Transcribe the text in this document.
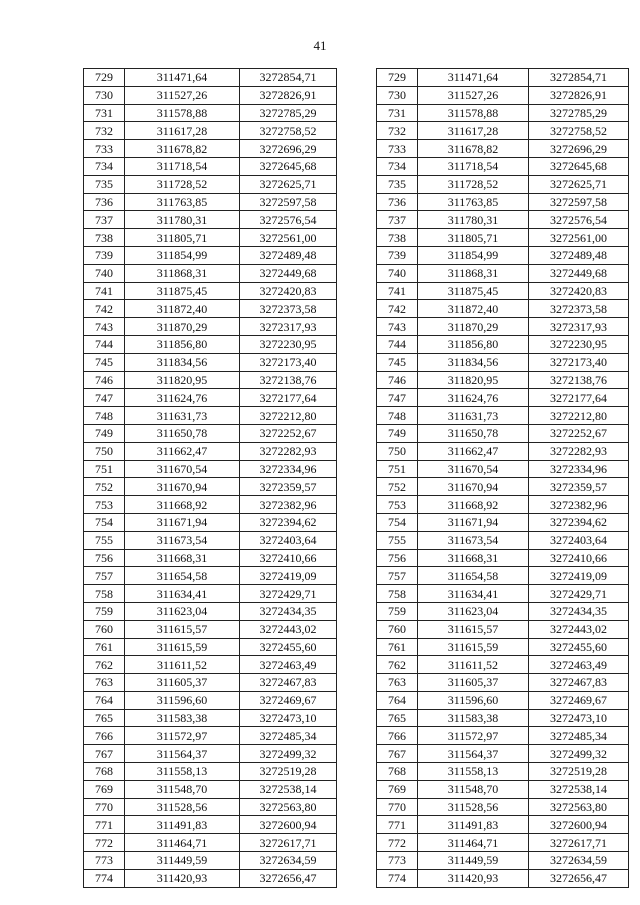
41
729	311471,64	3272854,71
730	311527,26	3272826,91
731	311578,88	3272785,29
732	311617,28	3272758,52
733	311678,82	3272696,29
734	311718,54	3272645,68
735	311728,52	3272625,71
736	311763,85	3272597,58
737	311780,31	3272576,54
738	311805,71	3272561,00
739	311854,99	3272489,48
740	311868,31	3272449,68
741	311875,45	3272420,83
742	311872,40	3272373,58
743	311870,29	3272317,93
744	311856,80	3272230,95
745	311834,56	3272173,40
746	311820,95	3272138,76
747	311624,76	3272177,64
748	311631,73	3272212,80
749	311650,78	3272252,67
750	311662,47	3272282,93
751	311670,54	3272334,96
752	311670,94	3272359,57
753	311668,92	3272382,96
754	311671,94	3272394,62
755	311673,54	3272403,64
756	311668,31	3272410,66
757	311654,58	3272419,09
758	311634,41	3272429,71
759	311623,04	3272434,35
760	311615,57	3272443,02
761	311615,59	3272455,60
762	311611,52	3272463,49
763	311605,37	3272467,83
764	311596,60	3272469,67
765	311583,38	3272473,10
766	311572,97	3272485,34
767	311564,37	3272499,32
768	311558,13	3272519,28
769	311548,70	3272538,14
770	311528,56	3272563,80
771	311491,83	3272600,94
772	311464,71	3272617,71
773	311449,59	3272634,59
774	311420,93	3272656,47
729	311471,64	3272854,71
730	311527,26	3272826,91
731	311578,88	3272785,29
732	311617,28	3272758,52
733	311678,82	3272696,29
734	311718,54	3272645,68
735	311728,52	3272625,71
736	311763,85	3272597,58
737	311780,31	3272576,54
738	311805,71	3272561,00
739	311854,99	3272489,48
740	311868,31	3272449,68
741	311875,45	3272420,83
742	311872,40	3272373,58
743	311870,29	3272317,93
744	311856,80	3272230,95
745	311834,56	3272173,40
746	311820,95	3272138,76
747	311624,76	3272177,64
748	311631,73	3272212,80
749	311650,78	3272252,67
750	311662,47	3272282,93
751	311670,54	3272334,96
752	311670,94	3272359,57
753	311668,92	3272382,96
754	311671,94	3272394,62
755	311673,54	3272403,64
756	311668,31	3272410,66
757	311654,58	3272419,09
758	311634,41	3272429,71
759	311623,04	3272434,35
760	311615,57	3272443,02
761	311615,59	3272455,60
762	311611,52	3272463,49
763	311605,37	3272467,83
764	311596,60	3272469,67
765	311583,38	3272473,10
766	311572,97	3272485,34
767	311564,37	3272499,32
768	311558,13	3272519,28
769	311548,70	3272538,14
770	311528,56	3272563,80
771	311491,83	3272600,94
772	311464,71	3272617,71
773	311449,59	3272634,59
774	311420,93	3272656,47
